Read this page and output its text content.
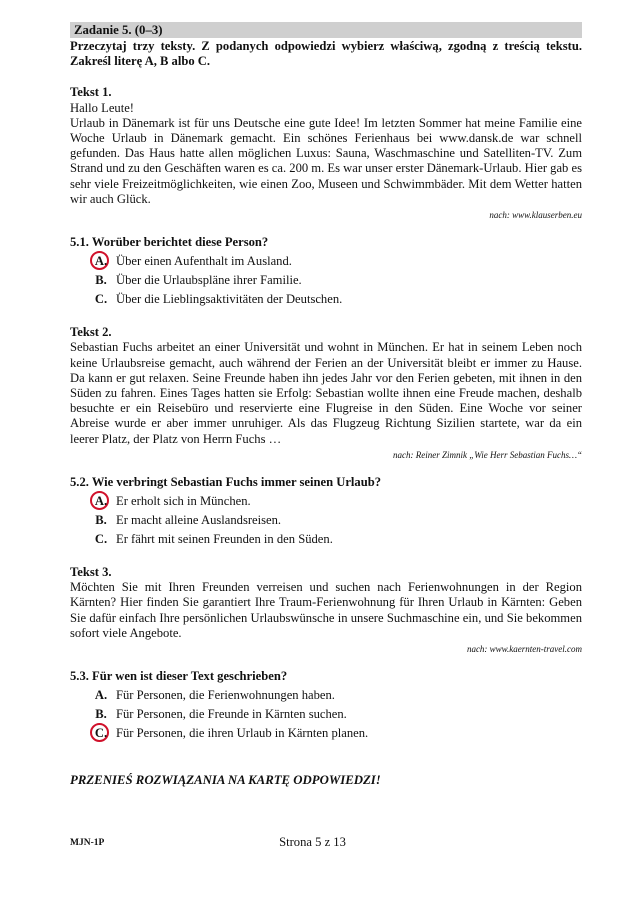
Zadanie 5. (0–3)
Przeczytaj trzy teksty. Z podanych odpowiedzi wybierz właściwą, zgodną z treścią tekstu. Zakreśl literę A, B albo C.
Tekst 1.
Hallo Leute!
Urlaub in Dänemark ist für uns Deutsche eine gute Idee! Im letzten Sommer hat meine Familie eine Woche Urlaub in Dänemark gemacht. Ein schönes Ferienhaus bei www.dansk.de war schnell gefunden. Das Haus hatte allen möglichen Luxus: Sauna, Waschmaschine und Satelliten-TV. Zum Strand und zu den Geschäften waren es ca. 200 m. Es war unser erster Dänemark-Urlaub. Hier gab es sehr viele Freizeitmöglichkeiten, wie einen Zoo, Museen und Schwimmbäder. Mit dem Wetter hatten wir auch Glück.
nach: www.klauserben.eu
5.1. Worüber berichtet diese Person?
A. Über einen Aufenthalt im Ausland.
B. Über die Urlaubspläne ihrer Familie.
C. Über die Lieblingsaktivitäten der Deutschen.
Tekst 2.
Sebastian Fuchs arbeitet an einer Universität und wohnt in München. Er hat in seinem Leben noch keine Urlaubsreise gemacht, auch während der Ferien an der Universität bleibt er immer zu Hause. Da kann er gut relaxen. Seine Freunde haben ihn jedes Jahr vor den Ferien gebeten, mit ihnen in den Süden zu fahren. Eines Tages hatten sie Erfolg: Sebastian wollte ihnen eine Freude machen, deshalb besuchte er ein Reisebüro und reservierte eine Flugreise in den Süden. Eine Woche vor seiner Abreise wurde er aber immer unruhiger. Als das Flugzeug Richtung Sizilien startete, war da ein leerer Platz, der Platz von Herrn Fuchs …
nach: Reiner Zimnik „Wie Herr Sebastian Fuchs…“
5.2. Wie verbringt Sebastian Fuchs immer seinen Urlaub?
A. Er erholt sich in München.
B. Er macht alleine Auslandsreisen.
C. Er fährt mit seinen Freunden in den Süden.
Tekst 3.
Möchten Sie mit Ihren Freunden verreisen und suchen nach Ferienwohnungen in der Region Kärnten? Hier finden Sie garantiert Ihre Traum-Ferienwohnung für Ihren Urlaub in Kärnten: Geben Sie dafür einfach Ihre persönlichen Urlaubswünsche in unsere Suchmaschine ein, und Sie bekommen sofort viele Angebote.
nach: www.kaernten-travel.com
5.3. Für wen ist dieser Text geschrieben?
A. Für Personen, die Ferienwohnungen haben.
B. Für Personen, die Freunde in Kärnten suchen.
C. Für Personen, die ihren Urlaub in Kärnten planen.
PRZENIEŚ ROZWIĄZANIA NA KARTĘ ODPOWIEDZI!
MJN-1P	Strona 5 z 13
